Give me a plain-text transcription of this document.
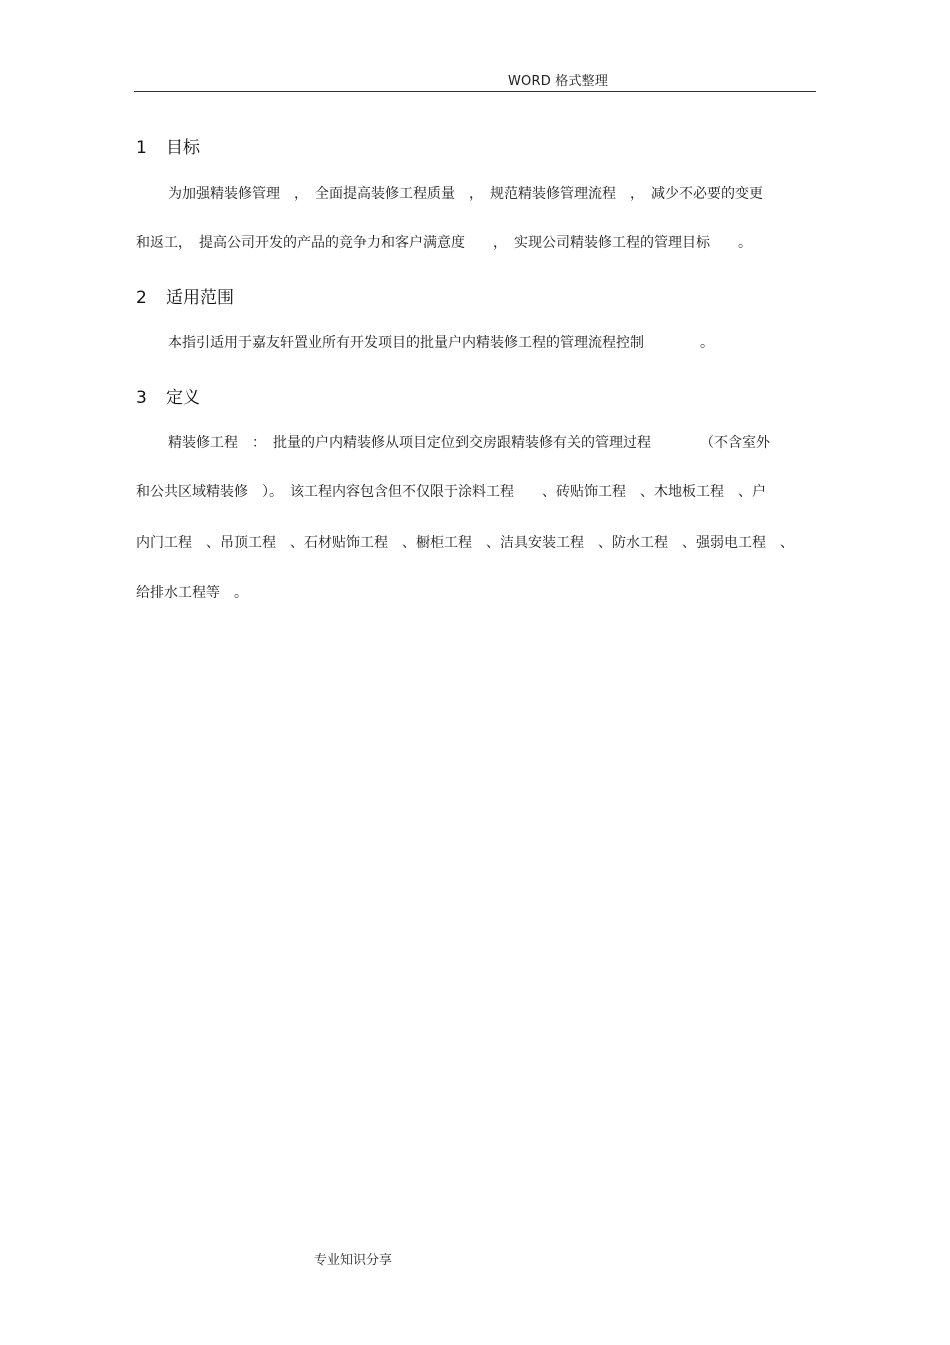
WORD 格式整理
1 目标
为加强精装修管理　，　全面提高装修工程质量　，　规范精装修管理流程　，　减少不必要的变更
和返工，　提高公司开发的产品的竞争力和客户满意度　　，　实现公司精装修工程的管理目标　　。
2 适用范围
本指引适用于嘉友轩置业所有开发项目的批量户内精装修工程的管理流程控制　　　　。
3 定义
精装修工程　：　批量的户内精装修从项目定位到交房跟精装修有关的管理过程　　　　（不含室外
和公共区域精装修　）。　该工程内容包含但不仅限于涂料工程　　、砖贴饰工程　、木地板工程　、户
内门工程　、吊顶工程　、石材贴饰工程　、橱柜工程　、洁具安装工程　、防水工程　、强弱电工程　、
给排水工程等　。
专业知识分享
